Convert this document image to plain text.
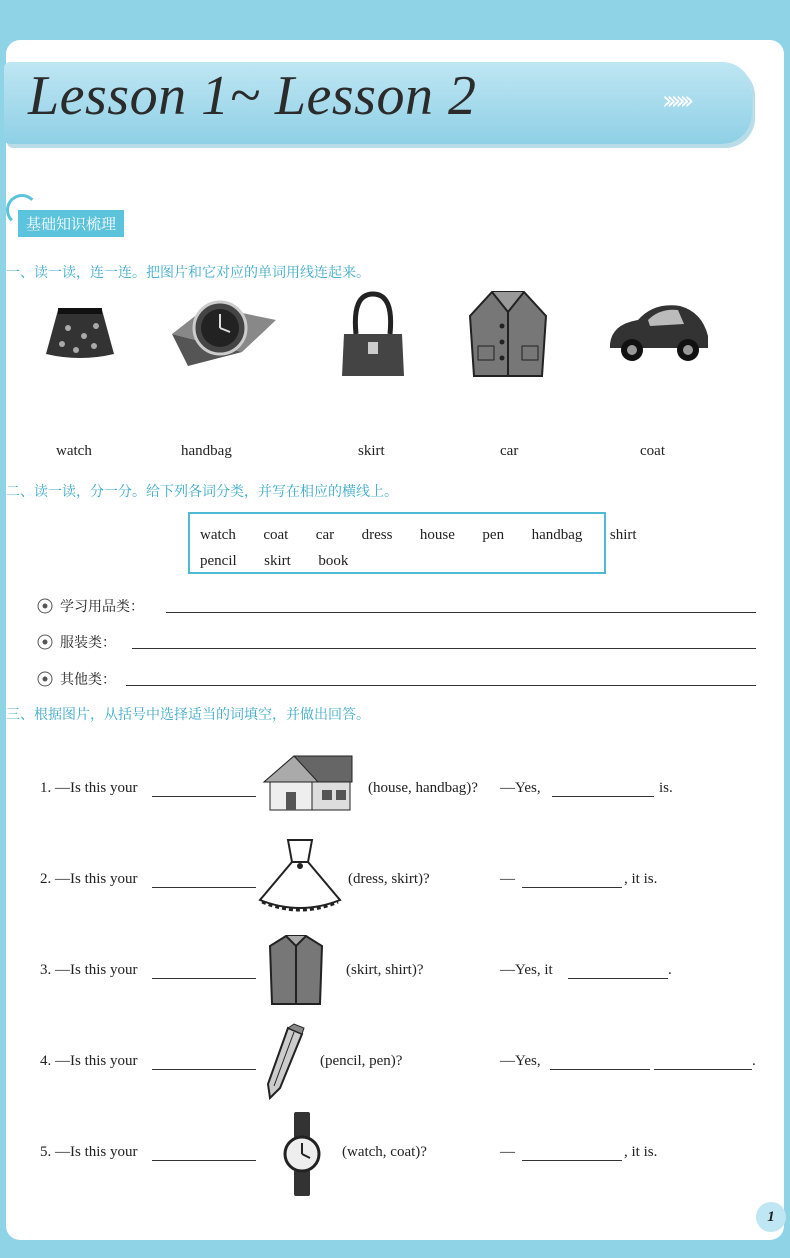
Lesson 1~ Lesson 2	››››››
基础知识梳理
一、读一读，连一连。把图片和它对应的单词用线连起来。
watch	handbag	skirt	car	coat
二、读一读，分一分。给下列各词分类，并写在相应的横线上。
watch  coat  car  dress  house  pen  handbag  shirt
pencil  skirt  book
学习用品类：
服装类：
其他类：
三、根据图片，从括号中选择适当的词填空，并做出回答。
1. —Is this your	(house, handbag)? —Yes,	is.
2. —Is this your	(dress, skirt)?	—	, it is.
3. —Is this your	(skirt, shirt)?	—Yes, it	.
4. —Is this your	(pencil, pen)?	—Yes,	.
5. —Is this your	(watch, coat)?	—	, it is.
1
